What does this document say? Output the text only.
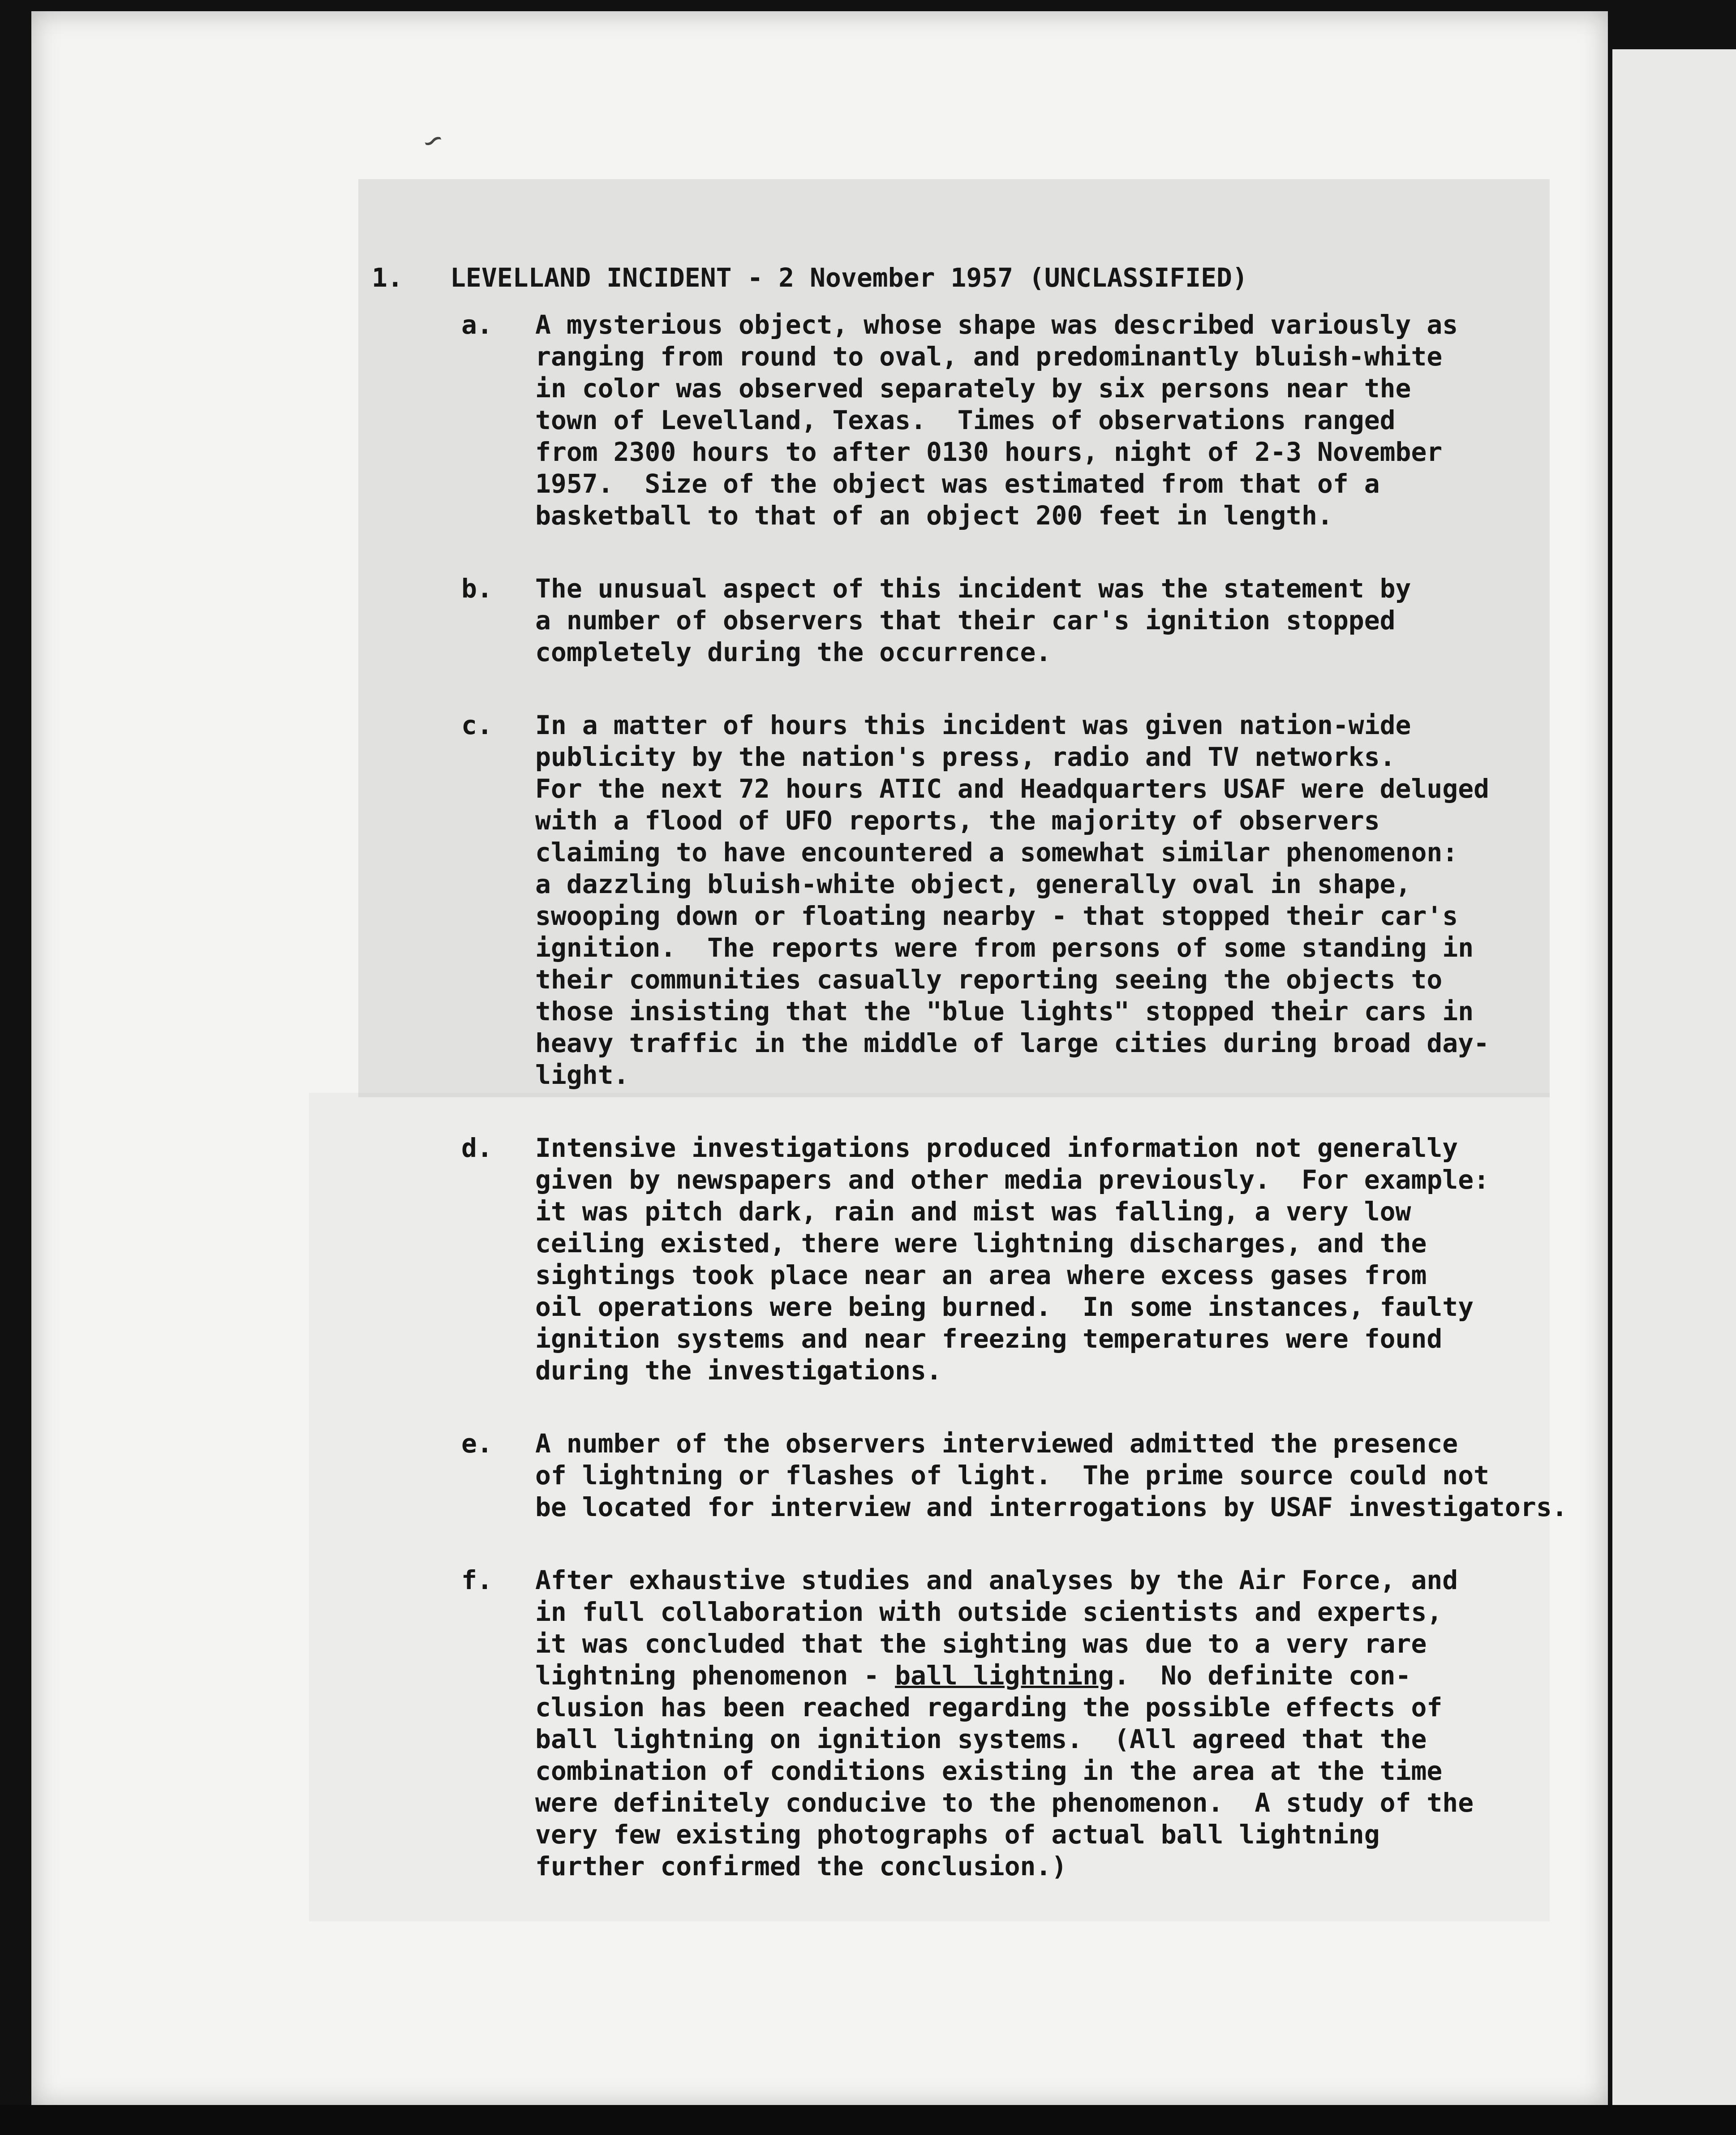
∽
1.	LEVELLAND INCIDENT - 2 November 1957 (UNCLASSIFIED)
a.	A mysterious object, whose shape was described variously as
ranging from round to oval, and predominantly bluish-white
in color was observed separately by six persons near the
town of Levelland, Texas.  Times of observations ranged
from 2300 hours to after 0130 hours, night of 2-3 November
1957.  Size of the object was estimated from that of a
basketball to that of an object 200 feet in length.
b.	The unusual aspect of this incident was the statement by
a number of observers that their car's ignition stopped
completely during the occurrence.
c.	In a matter of hours this incident was given nation-wide
publicity by the nation's press, radio and TV networks.
For the next 72 hours ATIC and Headquarters USAF were deluged
with a flood of UFO reports, the majority of observers
claiming to have encountered a somewhat similar phenomenon:
a dazzling bluish-white object, generally oval in shape,
swooping down or floating nearby - that stopped their car's
ignition.  The reports were from persons of some standing in
their communities casually reporting seeing the objects to
those insisting that the "blue lights" stopped their cars in
heavy traffic in the middle of large cities during broad day-
light.
d.	Intensive investigations produced information not generally
given by newspapers and other media previously.  For example:
it was pitch dark, rain and mist was falling, a very low
ceiling existed, there were lightning discharges, and the
sightings took place near an area where excess gases from
oil operations were being burned.  In some instances, faulty
ignition systems and near freezing temperatures were found
during the investigations.
e.	A number of the observers interviewed admitted the presence
of lightning or flashes of light.  The prime source could not
be located for interview and interrogations by USAF investigators.
f.	After exhaustive studies and analyses by the Air Force, and
in full collaboration with outside scientists and experts,
it was concluded that the sighting was due to a very rare
lightning phenomenon - ball lightning.  No definite con-
clusion has been reached regarding the possible effects of
ball lightning on ignition systems.  (All agreed that the
combination of conditions existing in the area at the time
were definitely conducive to the phenomenon.  A study of the
very few existing photographs of actual ball lightning
further confirmed the conclusion.)
